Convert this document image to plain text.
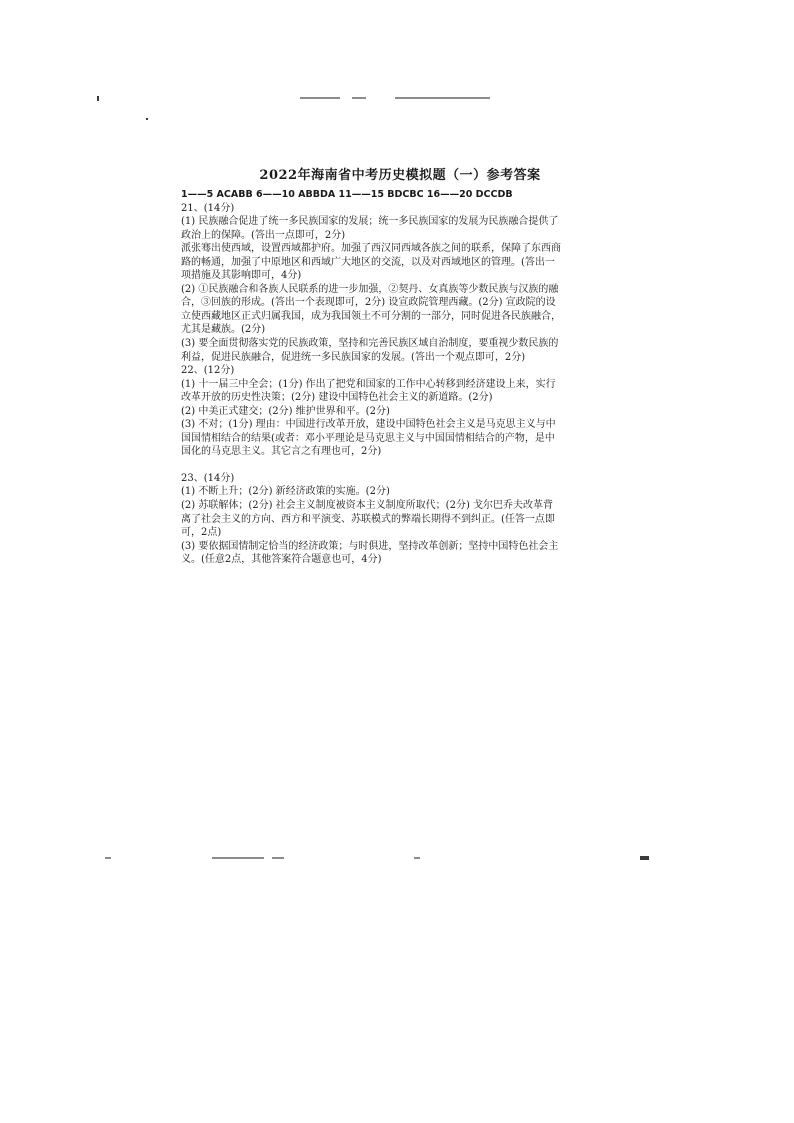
2022年海南省中考历史模拟题（一）参考答案

1——5 ACABB 6——10 ABBDA 11——15 BDCBC 16——20 DCCDB

21、(14分)

(1) 民族融合促进了统一多民族国家的发展；统一多民族国家的发展为民族融合提供了政治上的保障。(答出一点即可，2分)

派张骞出使西域，设置西域都护府。加强了西汉同西域各族之间的联系，保障了东西商路的畅通，加强了中原地区和西域广大地区的交流，以及对西域地区的管理。(答出一项措施及其影响即可，4分)

(2) ①民族融合和各族人民联系的进一步加强，②契丹、女真族等少数民族与汉族的融合，③回族的形成。(答出一个表现即可，2分) 设宣政院管理西藏。(2分) 宣政院的设立使西藏地区正式归属我国，成为我国领土不可分割的一部分，同时促进各民族融合，尤其是藏族。(2分)

(3) 要全面贯彻落实党的民族政策，坚持和完善民族区域自治制度，要重视少数民族的利益，促进民族融合，促进统一多民族国家的发展。(答出一个观点即可，2分)

22、(12分)

(1) 十一届三中全会；(1分) 作出了把党和国家的工作中心转移到经济建设上来，实行改革开放的历史性决策；(2分) 建设中国特色社会主义的新道路。(2分)

(2) 中美正式建交；(2分) 维护世界和平。(2分)

(3) 不对；(1分) 理由：中国进行改革开放，建设中国特色社会主义是马克思主义与中国国情相结合的结果(或者：邓小平理论是马克思主义与中国国情相结合的产物，是中国化的马克思主义。其它言之有理也可，2分)

23、(14分)

(1) 不断上升；(2分) 新经济政策的实施。(2分)

(2) 苏联解体；(2分) 社会主义制度被资本主义制度所取代；(2分) 戈尔巴乔夫改革背离了社会主义的方向、西方和平演变、苏联模式的弊端长期得不到纠正。(任答一点即可，2点)

(3) 要依据国情制定恰当的经济政策；与时俱进，坚持改革创新；坚持中国特色社会主义。(任意2点，其他答案符合题意也可，4分)
